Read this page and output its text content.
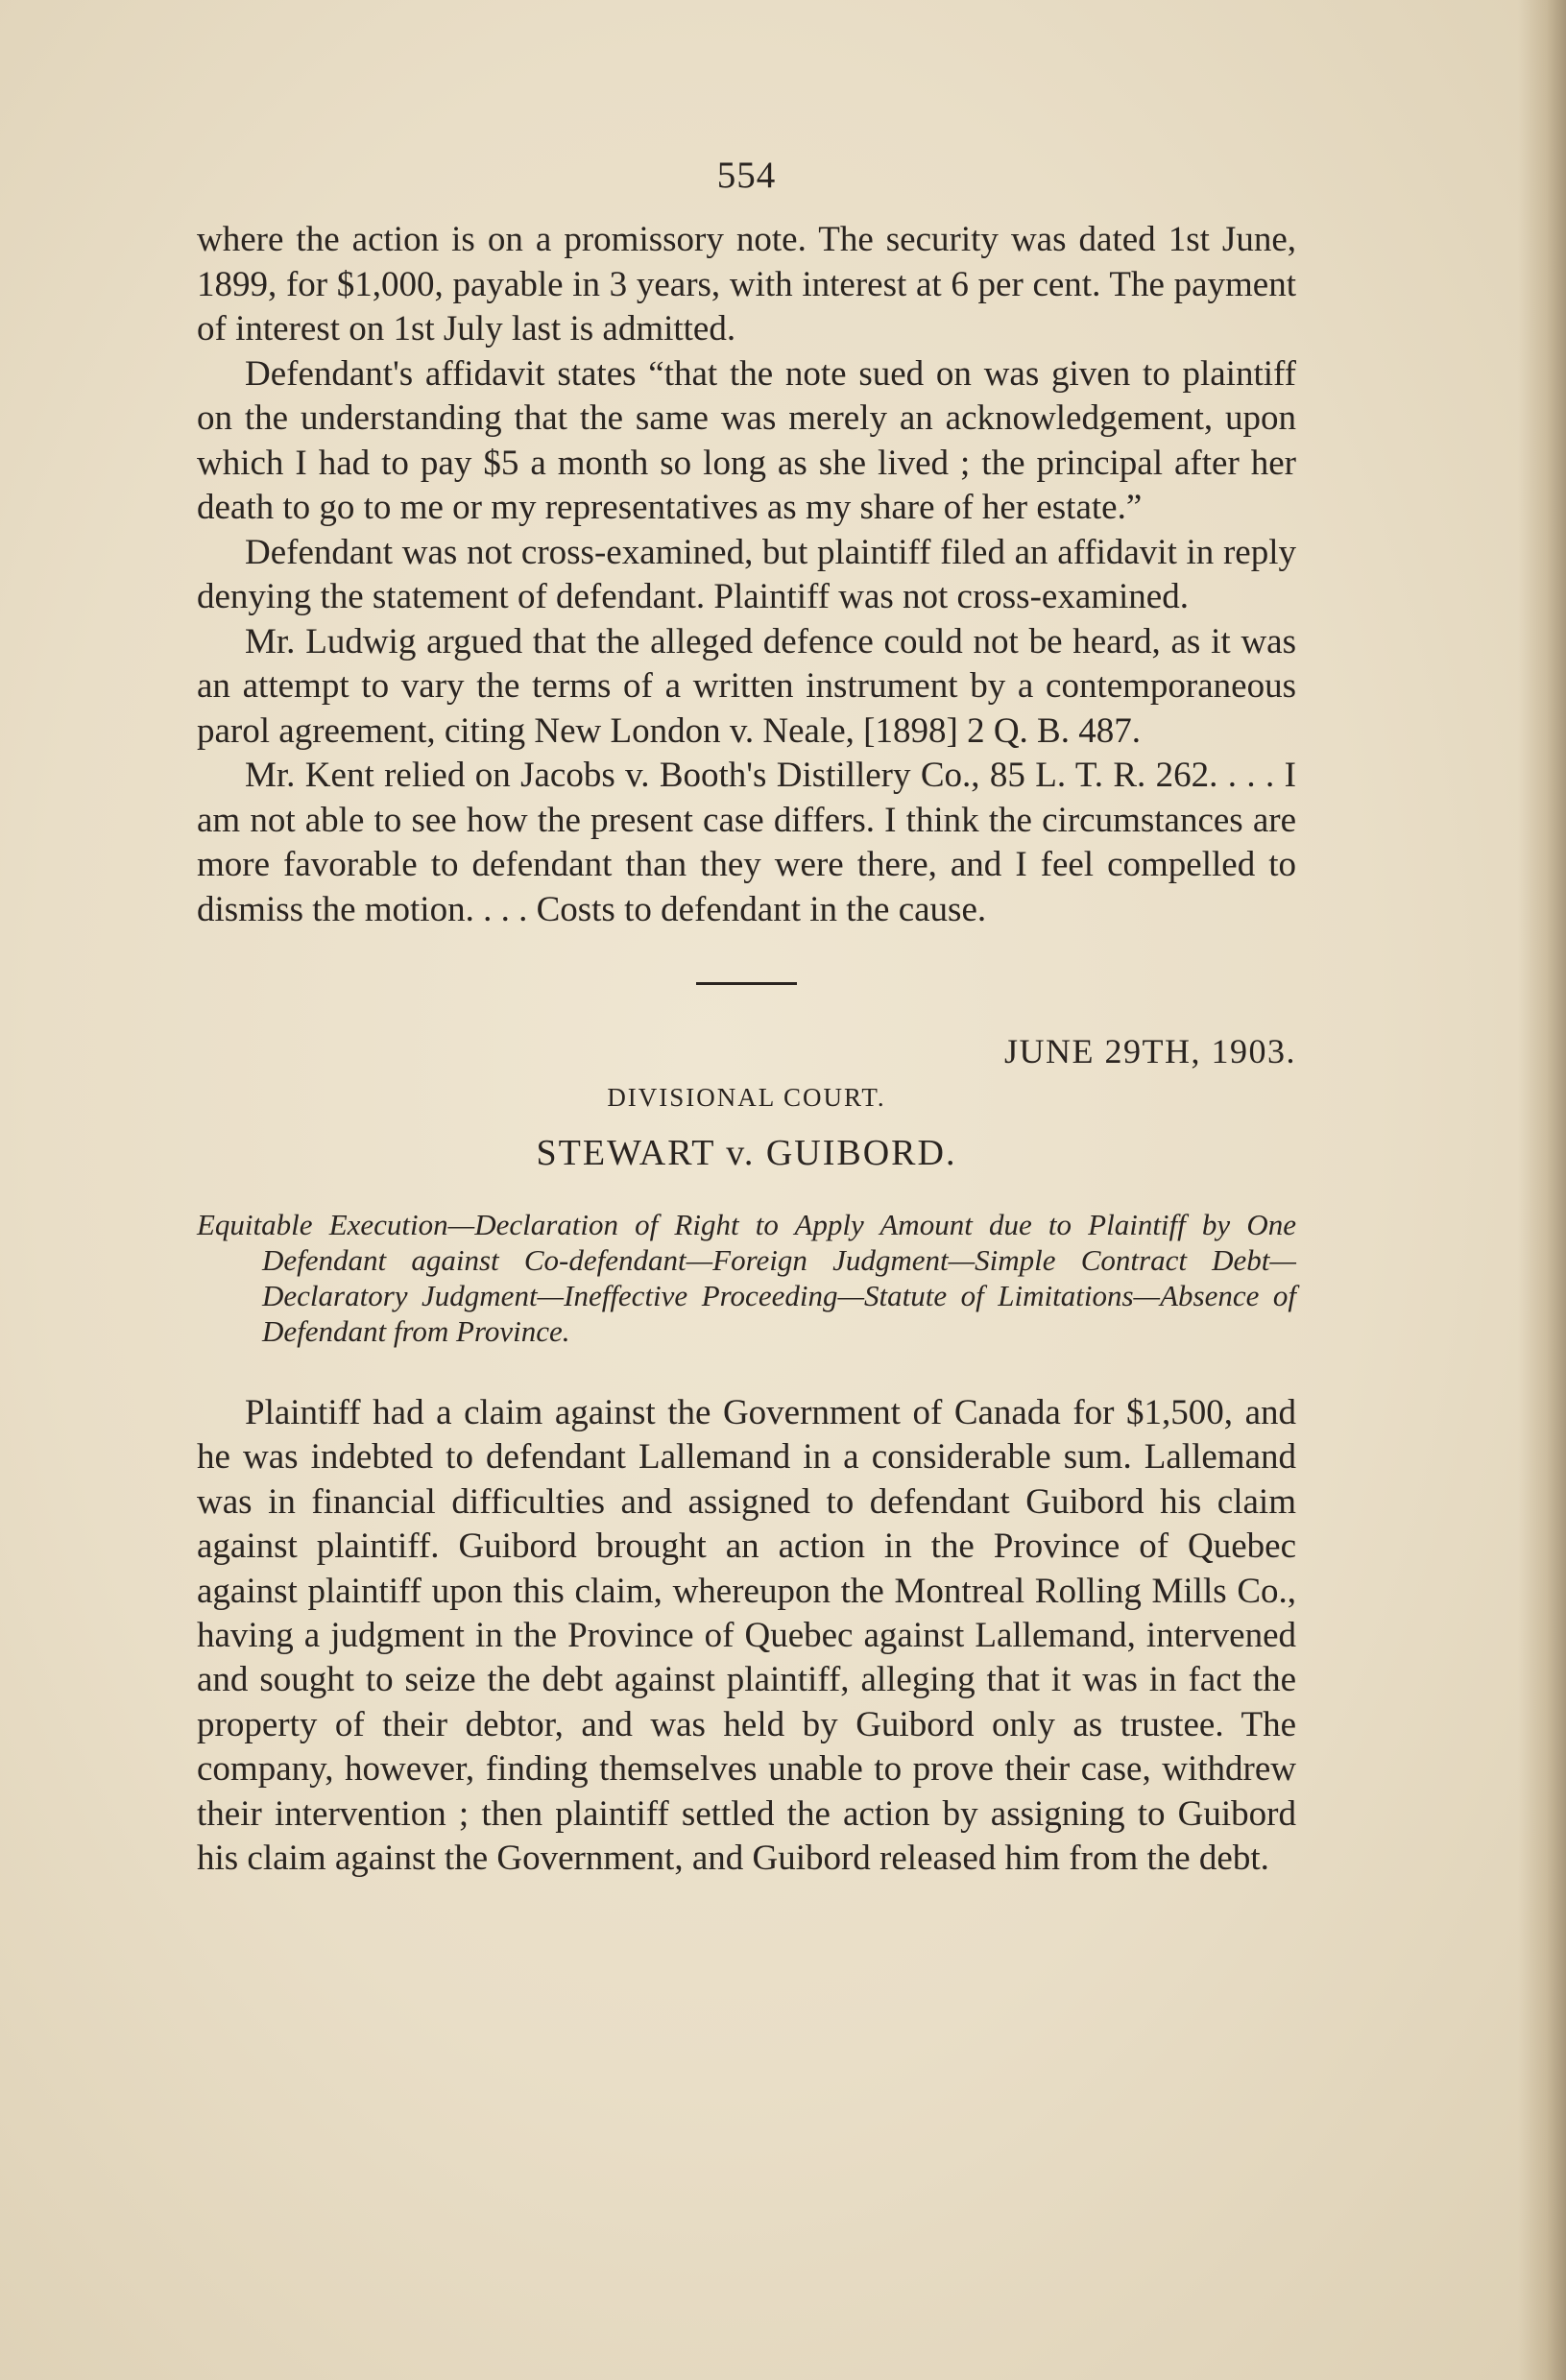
554

where the action is on a promissory note. The security was dated 1st June, 1899, for $1,000, payable in 3 years, with interest at 6 per cent. The payment of interest on 1st July last is admitted.

Defendant's affidavit states “that the note sued on was given to plaintiff on the understanding that the same was merely an acknowledgement, upon which I had to pay $5 a month so long as she lived ; the principal after her death to go to me or my representatives as my share of her estate.”

Defendant was not cross-examined, but plaintiff filed an affidavit in reply denying the statement of defendant. Plaintiff was not cross-examined.

Mr. Ludwig argued that the alleged defence could not be heard, as it was an attempt to vary the terms of a written instrument by a contemporaneous parol agreement, citing New London v. Neale, [1898] 2 Q. B. 487.

Mr. Kent relied on Jacobs v. Booth's Distillery Co., 85 L. T. R. 262. . . . I am not able to see how the present case differs. I think the circumstances are more favorable to defendant than they were there, and I feel compelled to dismiss the motion. . . . Costs to defendant in the cause.

JUNE 29TH, 1903.
DIVISIONAL COURT.
STEWART v. GUIBORD.
Equitable Execution—Declaration of Right to Apply Amount due to Plaintiff by One Defendant against Co-defendant—Foreign Judgment—Simple Contract Debt—Declaratory Judgment—Ineffective Proceeding—Statute of Limitations—Absence of Defendant from Province.

Plaintiff had a claim against the Government of Canada for $1,500, and he was indebted to defendant Lallemand in a considerable sum. Lallemand was in financial difficulties and assigned to defendant Guibord his claim against plaintiff. Guibord brought an action in the Province of Quebec against plaintiff upon this claim, whereupon the Montreal Rolling Mills Co., having a judgment in the Province of Quebec against Lallemand, intervened and sought to seize the debt against plaintiff, alleging that it was in fact the property of their debtor, and was held by Guibord only as trustee. The company, however, finding themselves unable to prove their case, withdrew their intervention ; then plaintiff settled the action by assigning to Guibord his claim against the Government, and Guibord released him from the debt.
